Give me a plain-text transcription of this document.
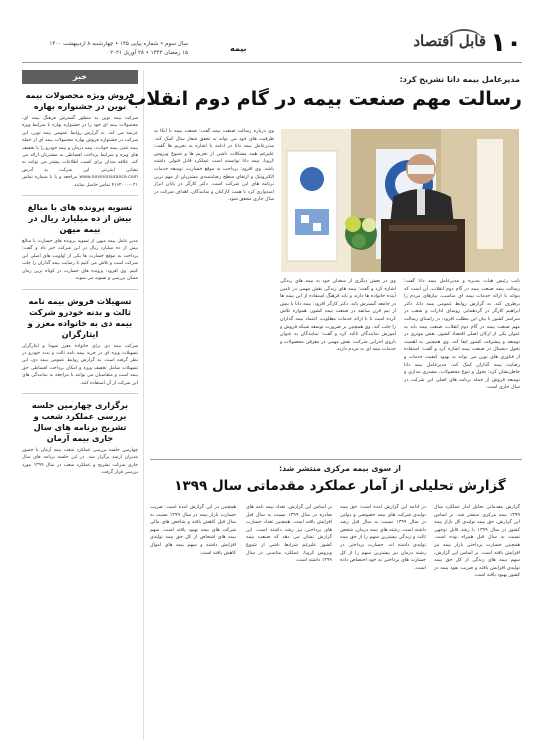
۱۰
قابل اقتصاد
بیمه
سال سوم • شماره پیاپی ۱۴۵ • چهارشنبه ۸ اردیبهشت ۱۴۰۰
۱۵ رمضان ۱۴۴۲ • ۲۸ آوریل ۲۰۲۱
خبر
فروش ویژه محصولات بیمه نوین در جشنواره بهاره
شرکت بیمه نوین به منظور گسترش فرهنگ بیمه ای، محصولات بیمه ای خود را در جشنواره بهاره با شرایط ویژه عرضه می کند. به گزارش روابط عمومی بیمه نوین، این شرکت در جشنواره فروش بهاره محصولات بیمه ای از جمله بیمه عمر، بیمه حوادث، بیمه درمان و بیمه خودرو را با تخفیف های ویژه و شرایط پرداخت اقساطی به مشتریان ارائه می کند. علاقه مندان برای کسب اطلاعات بیشتر می توانند به نشانی اینترنتی این شرکت به آدرس www.novininsurance.com مراجعه و یا با شماره تماس ۰۲۱-۴۱۶۲۰۰۰ تماس حاصل نمایند.
تسویه پرونده های با مبالغ بیش از ده میلیارد ریال در بیمه میهن
مدیر عامل بیمه میهن از تسویه پرونده های خسارت با مبالغ بیش از ده میلیارد ریال در این شرکت خبر داد و گفت: پرداخت به موقع خسارت ها یکی از اولویت های اصلی این شرکت است و تلاش می کنیم تا رضایت بیمه گذاران را جلب کنیم. وی افزود: پرونده های خسارت در کوتاه ترین زمان ممکن بررسی و تسویه می شوند.
تسهیلات فروش بیمه نامه ثالث و بدنه خودرو شرکت بیمه دی به خانواده معزز و ایثارگران
شرکت بیمه دی برای خانواده معزز شهدا و ایثارگران تسهیلات ویژه ای در خرید بیمه نامه ثالث و بدنه خودرو در نظر گرفته است. به گزارش روابط عمومی بیمه دی، این تسهیلات شامل تخفیف ویژه و امکان پرداخت اقساطی حق بیمه است و متقاضیان می توانند با مراجعه به نمایندگی های این شرکت از آن استفاده کنند.
برگزاری چهارمین جلسه بررسی عملکرد شعب و تشریح برنامه های سال جاری بیمه آرمان
چهارمین جلسه بررسی عملکرد شعب بیمه آرمان با حضور مدیران ارشد برگزار شد. در این جلسه برنامه های سال جاری شرکت تشریح و عملکرد شعب در سال ۱۳۹۹ مورد بررسی قرار گرفت.
مدیرعامل بیمه دانا تشریح کرد:
رسالت مهم صنعت بیمه در گام دوم انقلاب
نایب رئیس هیات مدیره و مدیرعامل بیمه دانا گفت: رسالت بیمه صنعت بیمه در گام دوم انقلاب، آن است که بتواند با ارائه خدمات بیمه ای مناسب، نیازهای مردم را برطرف کند. به گزارش روابط عمومی بیمه دانا، دکتر ابراهیم کارگر در گردهمایی روسای ادارات و شعب در سراسر کشور با بیان این مطلب افزود: در راستای رسالت مهم صنعت بیمه در گام دوم انقلاب، صنعت بیمه باید به عنوان یکی از ارکان اصلی اقتصاد کشور، نقش موثری در توسعه و پیشرفت کشور ایفا کند. وی همچنین به اهمیت تحول دیجیتال در صنعت بیمه اشاره کرد و گفت: استفاده از فناوری های نوین می تواند به بهبود کیفیت خدمات و رضایت بیمه گذاران کمک کند. مدیرعامل بیمه دانا خاطرنشان کرد: تحول و تنوع محصولات، مشتری مداری و توسعه فروش از جمله برنامه های اصلی این شرکت در سال جاری است.
وی در بخش دیگری از سخنان خود به بیمه های زندگی اشاره کرد و گفت: بیمه های زندگی نقش مهمی در تامین آینده خانواده ها دارند و باید فرهنگ استفاده از این بیمه ها در جامعه گسترش یابد. دکتر کارگر افزود: بیمه دانا با بیش از نیم قرن سابقه در صنعت بیمه کشور، همواره تلاش کرده است تا با ارائه خدمات مطلوب، اعتماد بیمه گذاران را جلب کند. وی همچنین بر ضرورت توسعه شبکه فروش و آموزش نمایندگان تاکید کرد و گفت: نمایندگان به عنوان بازوی اجرایی شرکت، نقش مهمی در معرفی محصولات و خدمات بیمه ای به مردم دارند.
وی درباره رسالت صنعت بیمه گفت: صنعت بیمه با اتکا به ظرفیت های خود می تواند به تحقق شعار سال کمک کند. مدیرعامل بیمه دانا در ادامه با اشاره به تحریم ها گفت: علیرغم همه مشکلات ناشی از تحریم ها و شیوع ویروس کرونا، بیمه دانا توانسته است عملکرد قابل قبولی داشته باشد. وی افزود: پرداخت به موقع خسارت، توسعه خدمات الکترونیک و ارتقای سطح رضایتمندی مشتریان از مهم ترین برنامه های این شرکت است. دکتر کارگر در پایان ابراز امیدواری کرد با همت کارکنان و نمایندگان، اهداف شرکت در سال جاری محقق شود.
از سوی بیمه مرکزی منتشر شد:
گزارش تحلیلی از آمار عملکرد مقدماتی سال ۱۳۹۹
گزارش مقدماتی تحلیل آمار عملکرد سال ۱۳۹۹ بیمه مرکزی منتشر شد. بر اساس این گزارش، حق بیمه تولیدی کل بازار بیمه کشور در سال ۱۳۹۹ با رشد قابل توجهی نسبت به سال قبل همراه بوده است. همچنین خسارت پرداختی بازار بیمه نیز افزایش یافته است. بر اساس این گزارش، سهم بیمه های زندگی از کل حق بیمه تولیدی افزایش یافته و ضریب نفوذ بیمه در کشور بهبود یافته است.
در ادامه این گزارش آمده است: حق بیمه تولیدی شرکت های بیمه خصوصی و دولتی در سال ۱۳۹۹ نسبت به سال قبل رشد داشته است. رشته های بیمه درمان، شخص ثالث و زندگی بیشترین سهم را از حق بیمه تولیدی داشته اند. خسارت پرداختی در رشته درمان نیز بیشترین سهم را از کل خسارت های پرداختی به خود اختصاص داده است.
بر اساس این گزارش، تعداد بیمه نامه های صادره در سال ۱۳۹۹ نسبت به سال قبل افزایش یافته است. همچنین تعداد خسارت های پرداختی نیز رشد داشته است. این گزارش نشان می دهد که صنعت بیمه کشور علیرغم شرایط ناشی از شیوع ویروس کرونا، عملکرد مناسبی در سال ۱۳۹۹ داشته است.
همچنین در این گزارش آمده است: ضریب خسارت بازار بیمه در سال ۱۳۹۹ نسبت به سال قبل کاهش یافته و شاخص های مالی شرکت های بیمه بهبود یافته است. سهم بیمه های اشخاص از کل حق بیمه تولیدی افزایش داشته و سهم بیمه های اموال کاهش یافته است.
